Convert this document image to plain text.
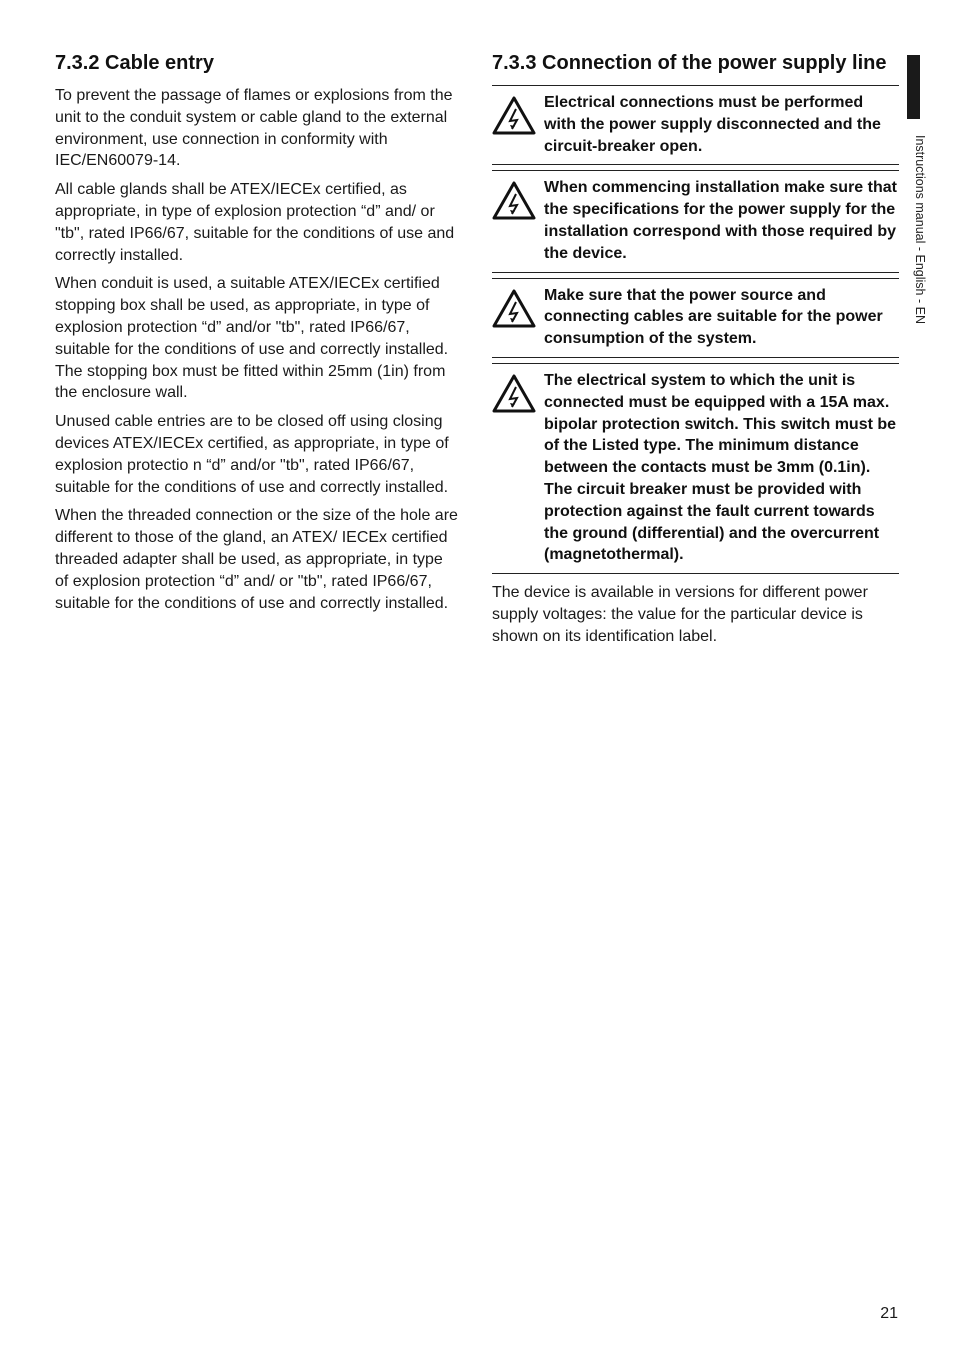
Instructions manual - English - EN
7.3.2 Cable entry

To prevent the passage of flames or explosions from the unit to the conduit system or cable gland to the external environment, use connection in conformity with IEC/EN60079-14.

All cable glands shall be ATEX/IECEx certified, as appropriate, in type of explosion protection “d” and/ or "tb", rated IP66/67, suitable for the conditions of use and correctly installed.

When conduit is used, a suitable ATEX/IECEx certified stopping box shall be used, as appropriate, in type of explosion protection “d” and/or "tb", rated IP66/67, suitable for the conditions of use and correctly installed. The stopping box must be fitted within 25mm (1in) from the enclosure wall.

Unused cable entries are to be closed off using closing devices ATEX/IECEx certified, as appropriate, in type of explosion protectio n “d” and/or "tb", rated IP66/67, suitable for the conditions of use and correctly installed.

When the threaded connection or the size of the hole are different to those of the gland, an ATEX/ IECEx certified threaded adapter shall be used, as appropriate, in type of explosion protection “d” and/ or "tb", rated IP66/67, suitable for the conditions of use and correctly installed.

7.3.3 Connection of the power supply line
Electrical connections must be performed with the power supply disconnected and the circuit-breaker open.
When commencing installation make sure that the specifications for the power supply for the installation correspond with those required by the device.
Make sure that the power source and connecting cables are suitable for the power consumption of the system.
The electrical system to which the unit is connected must be equipped with a 15A max. bipolar protection switch. This switch must be of the Listed type. The minimum distance between the contacts must be 3mm (0.1in). The circuit breaker must be provided with protection against the fault current towards the ground (differential) and the overcurrent (magnetothermal).

The device is available in versions for different power supply voltages: the value for the particular device is shown on its identification label.

21
